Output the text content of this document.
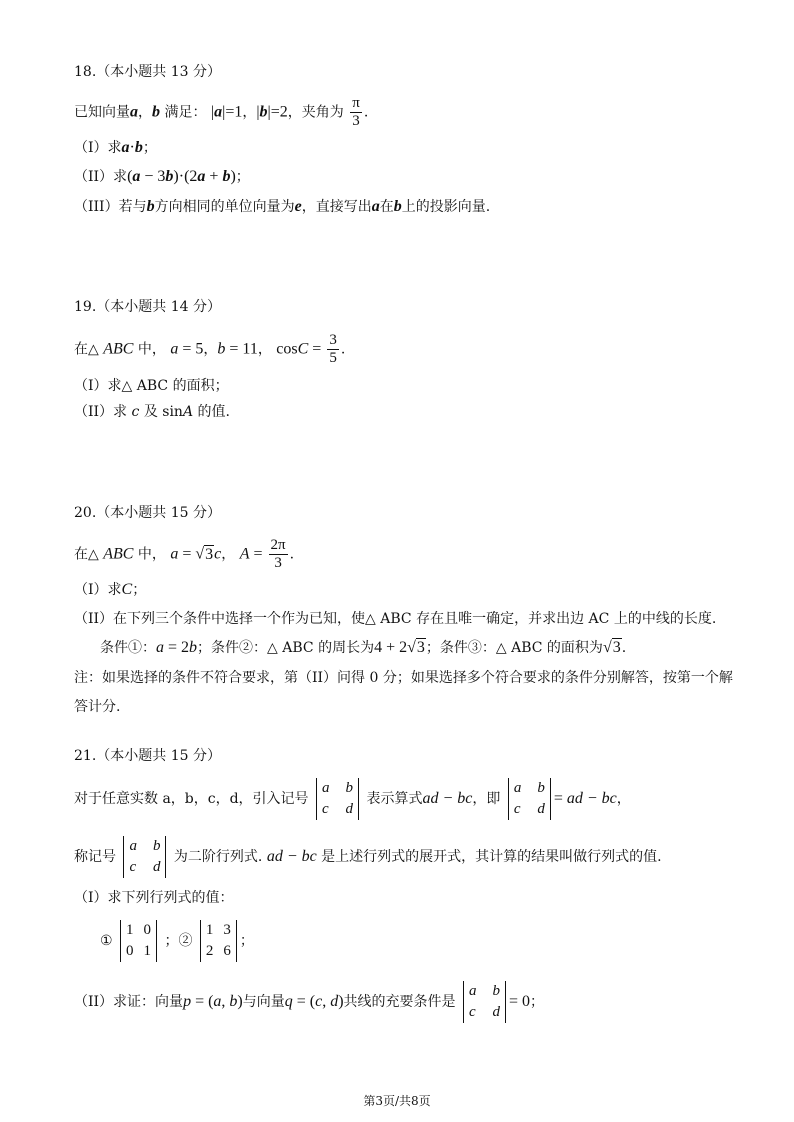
18.（本小题共 13 分）
已知向量a，b 满足： |a|=1，|b|=2，夹角为 $\frac{\pi}{3}$ .
（I）求a·b；
（II）求(a − 3b)·(2a + b)；
（III）若与b方向相同的单位向量为e，直接写出a在b上的投影向量.
19.（本小题共 14 分）
在△ ABC 中， a = 5，b = 11， $\cos C = \frac{3}{5}$ .
（I）求△ ABC 的面积；
（II）求 c 及 sinA 的值.
20.（本小题共 15 分）
在△ ABC 中， a = √3c， $A = \frac{2\pi}{3}$ .
（I）求C；
（II）在下列三个条件中选择一个作为已知，使△ ABC 存在且唯一确定，并求出边 AC 上的中线的长度.
条件①：a = 2b；条件②：△ ABC 的周长为4 + 2√3；条件③：△ ABC 的面积为√3.
注：如果选择的条件不符合要求，第（II）问得 0 分；如果选择多个符合要求的条件分别解答，按第一个解
答计分.
21.（本小题共 15 分）
对于任意实数 a，b，c，d，引入记号
a b
c d
表示算式ad − bc，即
a b
c d
= ad − bc，
称记号
a b
c d
为二阶行列式. ad − bc 是上述行列式的展开式，其计算的结果叫做行列式的值.
（I）求下列行列式的值：
①
1 0
0 1
；②
1 3
2 6
；
（II）求证：向量p = (a, b)与向量q = (c, d)共线的充要条件是
a b
c d
= 0；
第3页/共8页
